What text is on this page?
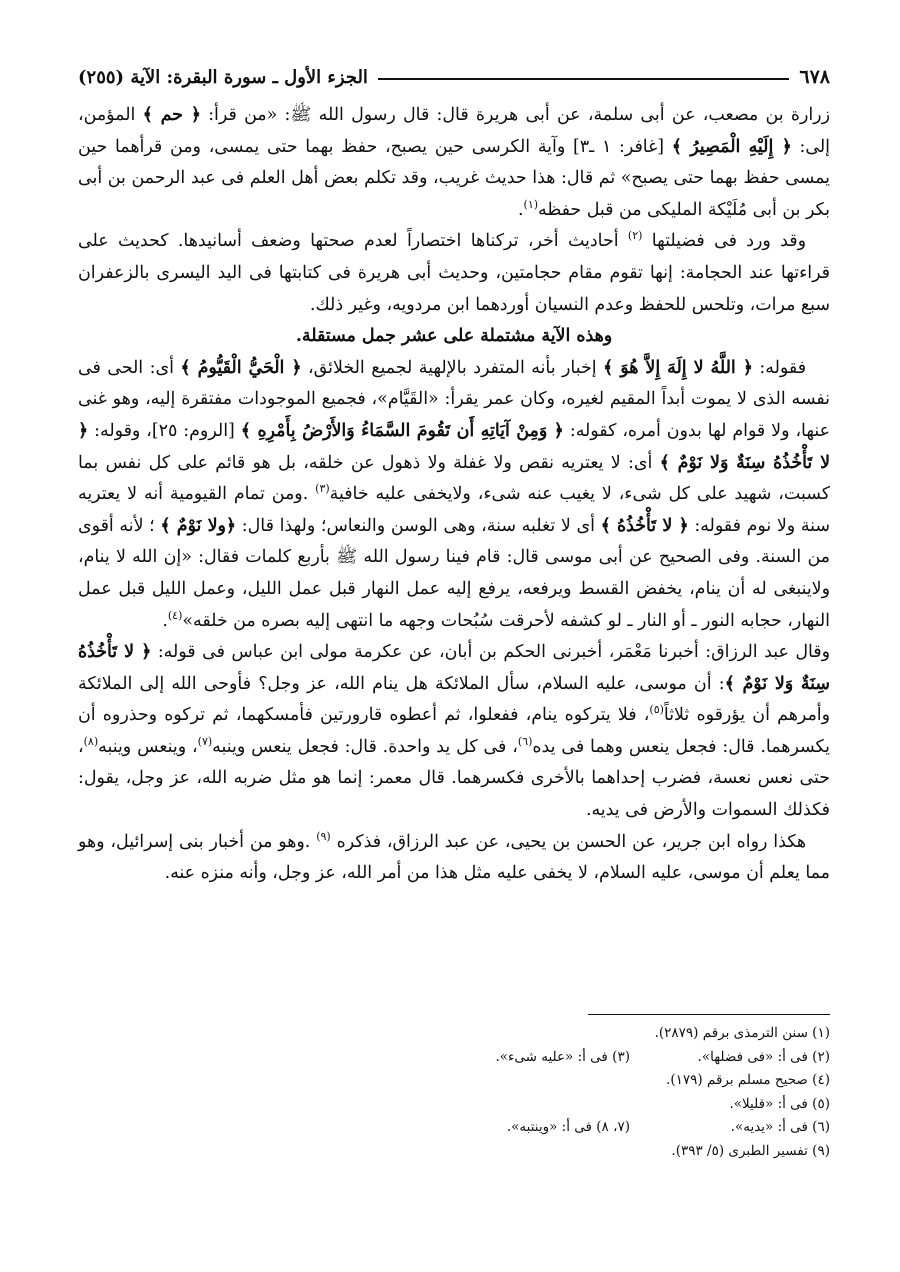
٦٧٨
الجزء الأول ـ سورة البقرة: الآية (٢٥٥)

زرارة بن مصعب، عن أبى سلمة، عن أبى هريرة قال: قال رسول الله ﷺ: «من قرأ: ﴿ حم ﴾ المؤمن، إلى: ﴿ إِلَيْهِ الْمَصِيرُ ﴾ [غافر: ١ ـ٣] وآية الكرسى حين يصبح، حفظ بهما حتى يمسى، ومن قرأهما حين يمسى حفظ بهما حتى يصبح» ثم قال: هذا حديث غريب، وقد تكلم بعض أهل العلم فى عبد الرحمن بن أبى بكر بن أبى مُلَيْكة المليكى من قبل حفظه$^{(١)}$.

وقد ورد فى فضيلتها $^{(٢)}$ أحاديث أخر، تركناها اختصاراً لعدم صحتها وضعف أسانيدها. كحديث على قراءتها عند الحجامة: إنها تقوم مقام حجامتين، وحديث أبى هريرة فى كتابتها فى اليد اليسرى بالزعفران سبع مرات، وتلحس للحفظ وعدم النسيان أوردهما ابن مردويه، وغير ذلك.

وهذه الآية مشتملة على عشر جمل مستقلة.

فقوله: ﴿ اللَّهُ لا إِلَهَ إِلاَّ هُوَ ﴾ إخبار بأنه المتفرد بالإلهية لجميع الخلائق، ﴿ الْحَيُّ الْقَيُّومُ ﴾ أى: الحى فى نفسه الذى لا يموت أبداً المقيم لغيره، وكان عمر يقرأ: «القَيَّام»، فجميع الموجودات مفتقرة إليه، وهو غنى عنها، ولا قوام لها بدون أمره، كقوله: ﴿ وَمِنْ آيَاتِهِ أَن تَقُومَ السَّمَاءُ وَالأَرْضُ بِأَمْرِهِ ﴾ [الروم: ٢٥]، وقوله: ﴿ لا تَأْخُذُهُ سِنَةٌ وَلا نَوْمٌ ﴾ أى: لا يعتريه نقص ولا غفلة ولا ذهول عن خلقه، بل هو قائم على كل نفس بما كسبت، شهيد على كل شىء، لا يغيب عنه شىء، ولايخفى عليه خافية$^{(٣)}$ .ومن تمام القيومية أنه لا يعتريه سنة ولا نوم فقوله: ﴿ لا تَأْخُذُهُ ﴾ أى لا تغلبه سنة، وهى الوسن والنعاس؛ ولهذا قال: ﴿ولا نَوْمٌ ﴾ ؛ لأنه أقوى من السنة. وفى الصحيح عن أبى موسى قال: قام فينا رسول الله ﷺ بأربع كلمات فقال: «إن الله لا ينام، ولاينبغى له أن ينام، يخفض القسط ويرفعه، يرفع إليه عمل النهار قبل عمل الليل، وعمل الليل قبل عمل النهار، حجابه النور ـ أو النار ـ لو كشفه لأحرقت سُبُحات وجهه ما انتهى إليه بصره من خلقه»$^{(٤)}$.

وقال عبد الرزاق: أخبرنا مَعْمَر، أخبرنى الحكم بن أبان، عن عكرمة مولى ابن عباس فى قوله: ﴿ لا تَأْخُذُهُ سِنَةٌ وَلا نَوْمٌ ﴾: أن موسى، عليه السلام، سأل الملائكة هل ينام الله، عز وجل؟ فأوحى الله إلى الملائكة وأمرهم أن يؤرقوه ثلاثاً$^{(٥)}$، فلا يتركوه ينام، ففعلوا، ثم أعطوه قارورتين فأمسكهما، ثم تركوه وحذروه أن يكسرهما. قال: فجعل ينعس وهما فى يده$^{(٦)}$، فى كل يد واحدة. قال: فجعل ينعس وينبه$^{(٧)}$، وينعس وينبه$^{(٨)}$، حتى نعس نعسة، فضرب إحداهما بالأخرى فكسرهما. قال معمر: إنما هو مثل ضربه الله، عز وجل، يقول: فكذلك السموات والأرض فى يديه.

هكذا رواه ابن جرير، عن الحسن بن يحيى، عن عبد الرزاق، فذكره $^{(٩)}$ .وهو من أخبار بنى إسرائيل، وهو مما يعلم أن موسى، عليه السلام، لا يخفى عليه مثل هذا من أمر الله، عز وجل، وأنه منزه عنه.

(١) سنن الترمذى برقم (٢٨٧٩).
(٢) فى أ: «فى فضلها».
(٣) فى أ: «عليه شىء».
(٤) صحيح مسلم برقم (١٧٩).
(٥) فى أ: «قليلا».
(٦) فى أ: «يديه».
(٧، ٨) فى أ: «وينتبه».
(٩) تفسير الطبرى (٥/ ٣٩٣).
